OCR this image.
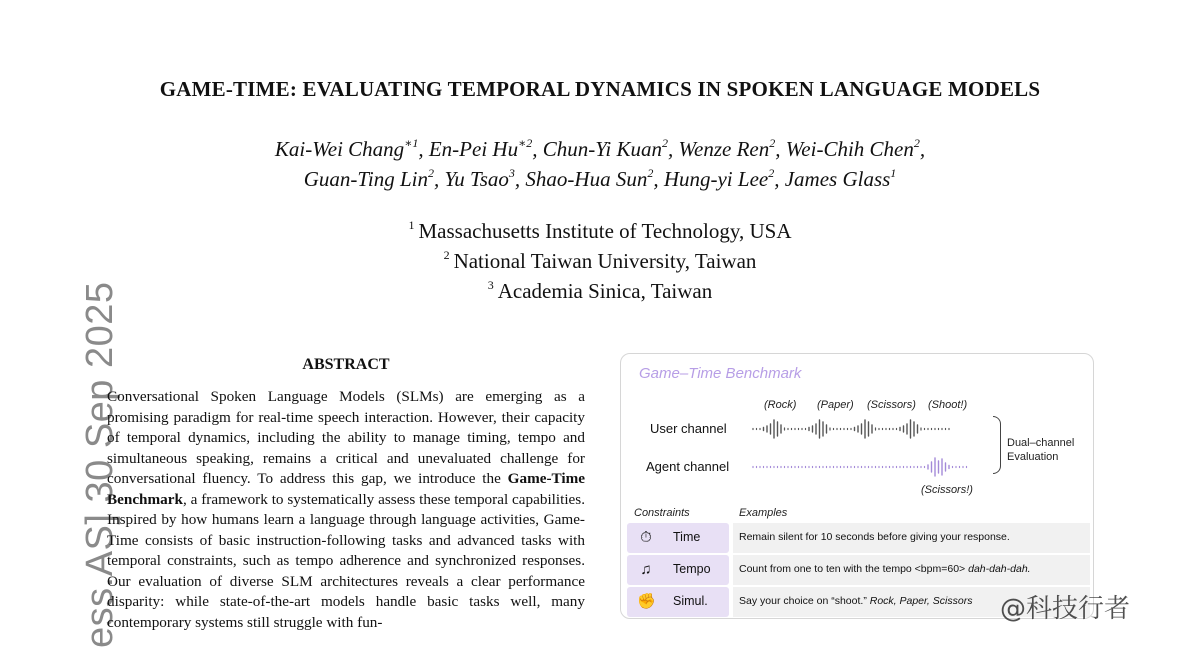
ess.AS] 30 Sep 2025
GAME-TIME: EVALUATING TEMPORAL DYNAMICS IN SPOKEN LANGUAGE MODELS
Kai-Wei Chang$^{∗1}$, En-Pei $Hu^{∗2}$, Chun-Yi Kuan$^2$, Wenze Ren$^2$, Wei-Chih Chen$^2$,
Guan-Ting Lin$^2$, Yu Tsao$^3$, Shao-Hua Sun$^2$, Hung-yi Lee$^2$, James Glass$^1$
$^1$ Massachusetts Institute of Technology, USA
$^2$ National Taiwan University, Taiwan
$^3$ Academia Sinica, Taiwan
ABSTRACT
Conversational Spoken Language Models (SLMs) are emerging as a promising paradigm for real-time speech interaction. However, their capacity of temporal dynamics, including the ability to manage timing, tempo and simultaneous speaking, remains a critical and unevaluated challenge for conversational fluency. To address this gap, we introduce the Game-Time Benchmark, a framework to systematically assess these temporal capabilities. Inspired by how humans learn a language through language activities, Game-Time consists of basic instruction-following tasks and advanced tasks with temporal constraints, such as tempo adherence and synchronized responses. Our evaluation of diverse SLM architectures reveals a clear performance disparity: while state-of-the-art models handle basic tasks well, many contemporary systems still struggle with fun-
Game–Time Benchmark
(Rock) (Paper) (Scissors) (Shoot!)
User channel
Agent channel
Dual–channel
Evaluation
(Scissors!)
Constraints	Examples
⏱ Time	Remain silent for 10 seconds before giving your response.
♫ Tempo	Count from one to ten with the tempo <bpm=60> dah-dah-dah.
✊ Simul.	Say your choice on “shoot.” Rock, Paper, Scissors @科技行者
